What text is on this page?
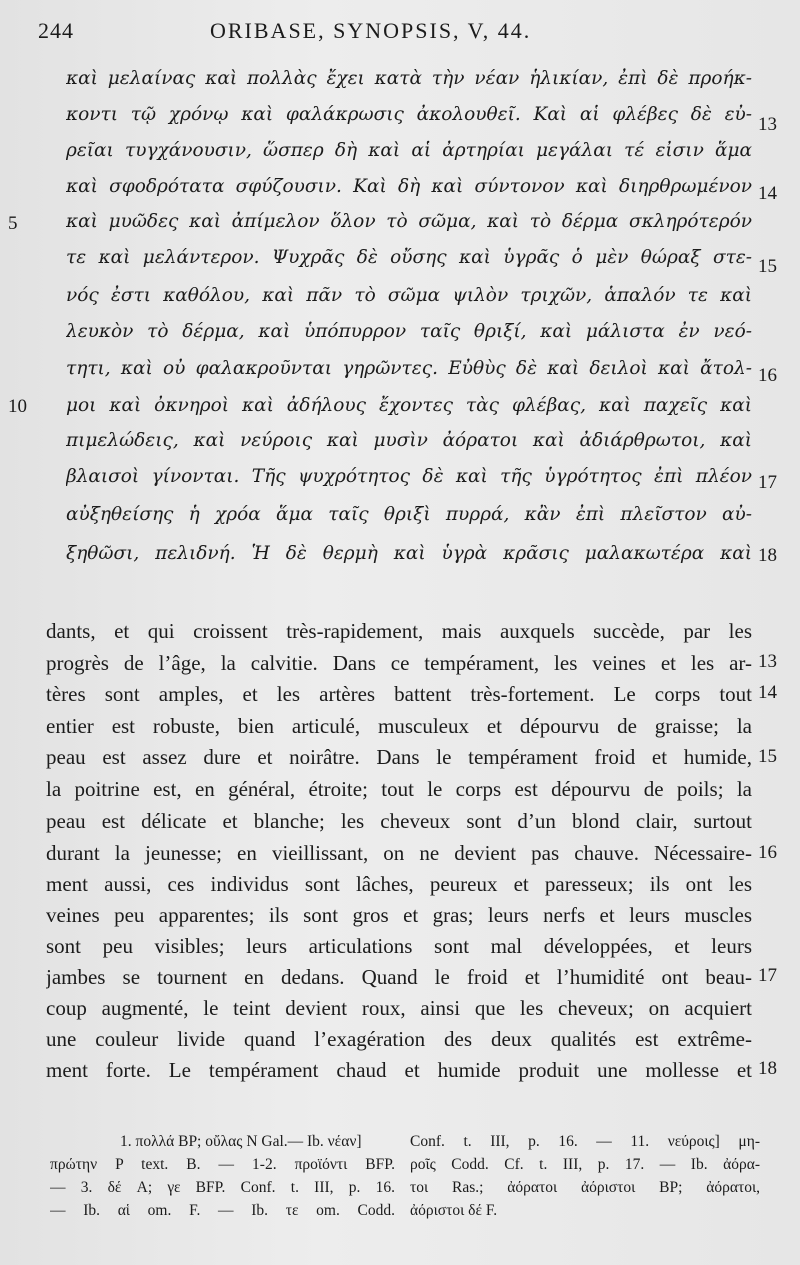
244	ORIBASE, SYNOPSIS, V, 44.
καὶ μελαίνας καὶ πολλὰς ἔχει κατὰ τὴν νέαν ἡλικίαν, ἐπὶ δὲ προήκ-
κοντι τῷ χρόνῳ καὶ φαλάκρωσις ἀκολουθεῖ. Καὶ αἱ φλέβες δὲ εὐ-
ρεῖαι τυγχάνουσιν, ὥσπερ δὴ καὶ αἱ ἀρτηρίαι μεγάλαι τέ εἰσιν ἅμα
καὶ σφοδρότατα σφύζουσιν. Καὶ δὴ καὶ σύντονον καὶ διηρθρωμένον
καὶ μυῶδες καὶ ἀπίμελον ὅλον τὸ σῶμα, καὶ τὸ δέρμα σκληρότερόν
τε καὶ μελάντερον. Ψυχρᾶς δὲ οὔσης καὶ ὑγρᾶς ὁ μὲν θώραξ στε-
νός ἐστι καθόλου, καὶ πᾶν τὸ σῶμα ψιλὸν τριχῶν, ἁπαλόν τε καὶ
λευκὸν τὸ δέρμα, καὶ ὑπόπυρρον ταῖς θριξί, καὶ μάλιστα ἐν νεό-
τητι, καὶ οὐ φαλακροῦνται γηρῶντες. Εὐθὺς δὲ καὶ δειλοὶ καὶ ἄτολ-
μοι καὶ ὀκνηροὶ καὶ ἀδήλους ἔχοντες τὰς φλέβας, καὶ παχεῖς καὶ
πιμελώδεις, καὶ νεύροις καὶ μυσὶν ἀόρατοι καὶ ἀδιάρθρωτοι, καὶ
βλαισοὶ γίνονται. Τῆς ψυχρότητος δὲ καὶ τῆς ὑγρότητος ἐπὶ πλέον
αὐξηθείσης ἡ χρόα ἅμα ταῖς θριξὶ πυρρά, κἂν ἐπὶ πλεῖστον αὐ-
ξηθῶσι, πελιδνή. Ἡ δὲ θερμὴ καὶ ὑγρὰ κρᾶσις μαλακωτέρα καὶ
5
10
13
14
15
16
17
18
dants, et qui croissent très-rapidement, mais auxquels succède, par les
progrès de l’âge, la calvitie. Dans ce tempérament, les veines et les ar-
tères sont amples, et les artères battent très-fortement. Le corps tout
entier est robuste, bien articulé, musculeux et dépourvu de graisse; la
peau est assez dure et noirâtre. Dans le tempérament froid et humide,
la poitrine est, en général, étroite; tout le corps est dépourvu de poils; la
peau est délicate et blanche; les cheveux sont d’un blond clair, surtout
durant la jeunesse; en vieillissant, on ne devient pas chauve. Nécessaire-
ment aussi, ces individus sont lâches, peureux et paresseux; ils ont les
veines peu apparentes; ils sont gros et gras; leurs nerfs et leurs muscles
sont peu visibles; leurs articulations sont mal développées, et leurs
jambes se tournent en dedans. Quand le froid et l’humidité ont beau-
coup augmenté, le teint devient roux, ainsi que les cheveux; on acquiert
une couleur livide quand l’exagération des deux qualités est extrême-
ment forte. Le tempérament chaud et humide produit une mollesse et
13
14
15
16
17
18
1. πολλά BP; οὔλας N Gal.— Ib. νέαν]
πρώτην P text. B. — 1-2. προϊόντι BFP.
— 3. δέ A; γε BFP. Conf. t. III, p. 16.
— Ib. αἱ om. F. — Ib. τε om. Codd.
Conf. t. III, p. 16. — 11. νεύροις] μη-
ροῖς Codd. Cf. t. III, p. 17. — Ib. ἀόρα-
τοι Ras.; ἀόρατοι ἀόριστοι BP; ἀόρατοι,
ἀόριστοι δέ F.
